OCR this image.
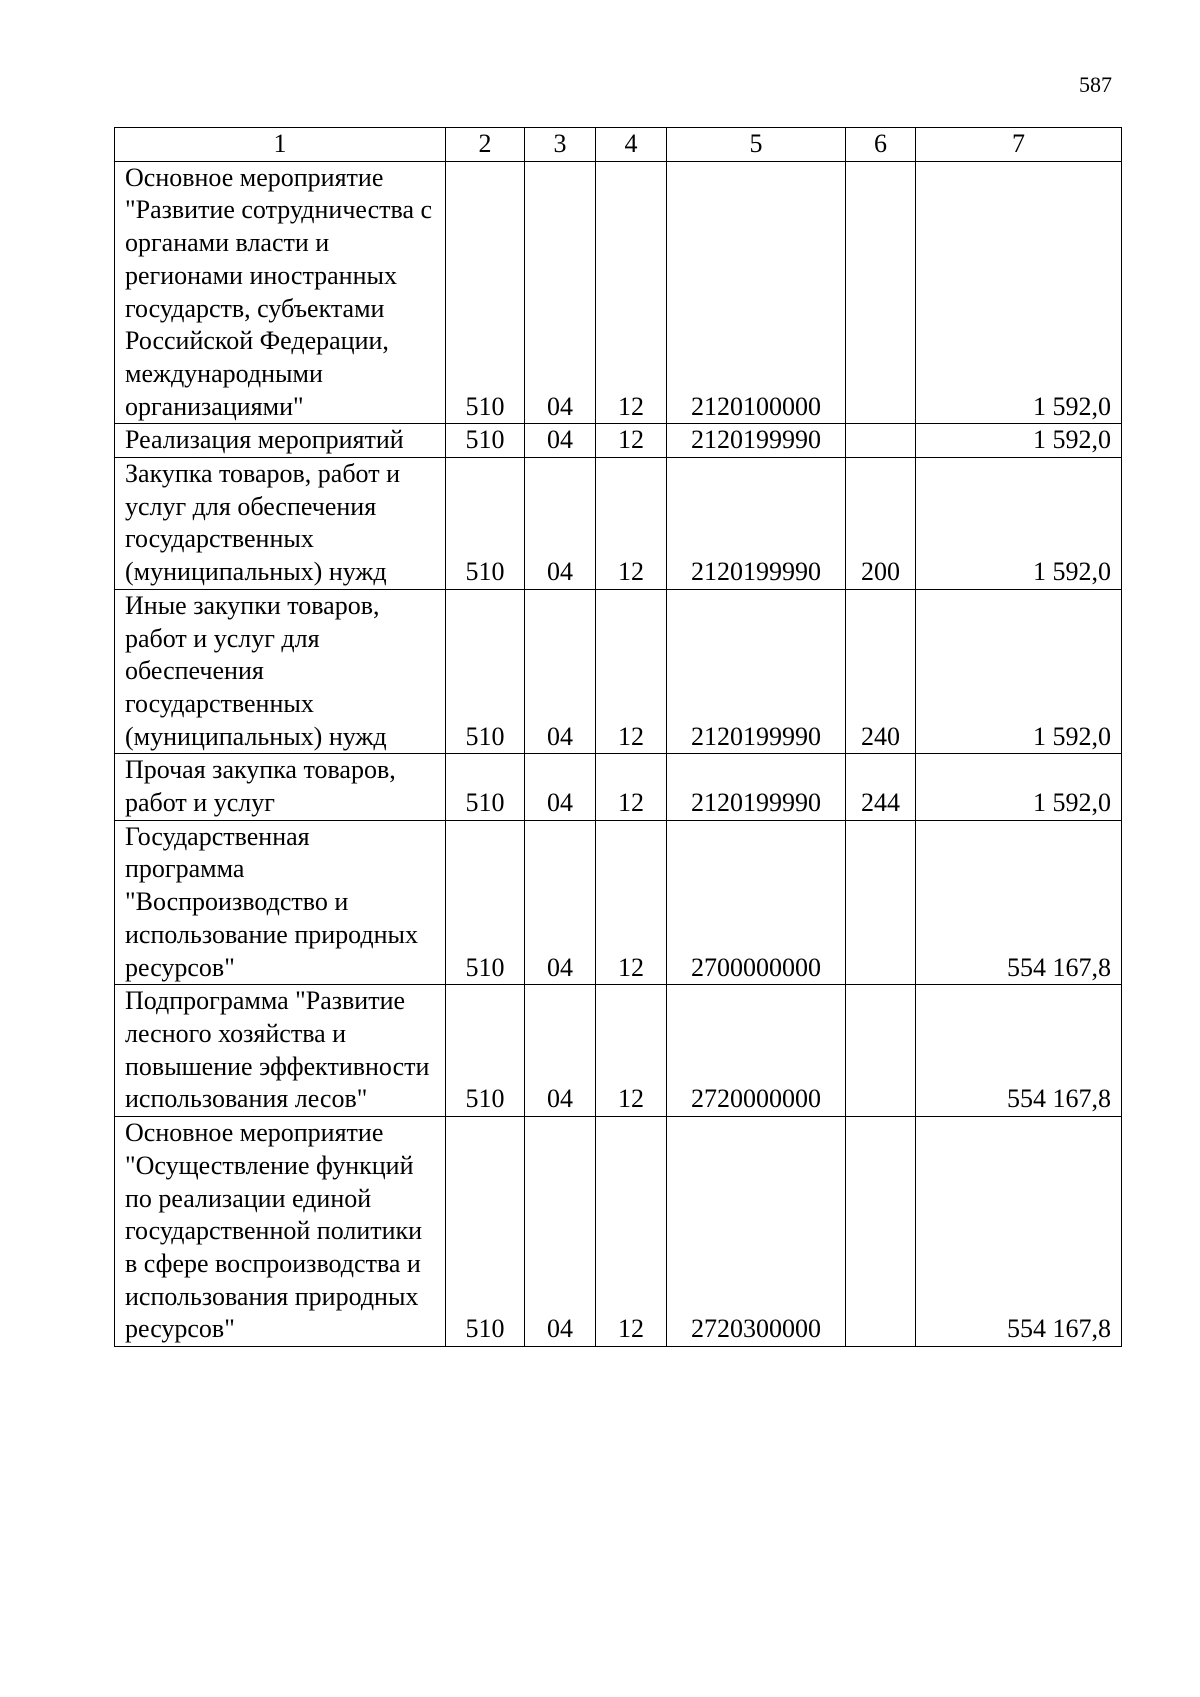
587
1	2	3	4	5	6	7
Основное мероприятие "Развитие сотрудничества с органами власти и регионами иностранных государств, субъектами Российской Федерации, международными организациями"	510	04	12	2120100000		1 592,0
Реализация мероприятий	510	04	12	2120199990		1 592,0
Закупка товаров, работ и услуг для обеспечения государственных (муниципальных) нужд	510	04	12	2120199990	200	1 592,0
Иные закупки товаров, работ и услуг для обеспечения государственных (муниципальных) нужд	510	04	12	2120199990	240	1 592,0
Прочая закупка товаров, работ и услуг	510	04	12	2120199990	244	1 592,0
Государственная программа "Воспроизводство и использование природных ресурсов"	510	04	12	2700000000		554 167,8
Подпрограмма "Развитие лесного хозяйства и повышение эффективности использования лесов"	510	04	12	2720000000		554 167,8
Основное мероприятие "Осуществление функций по реализации единой государственной политики в сфере воспроизводства и использования природных ресурсов"	510	04	12	2720300000		554 167,8
